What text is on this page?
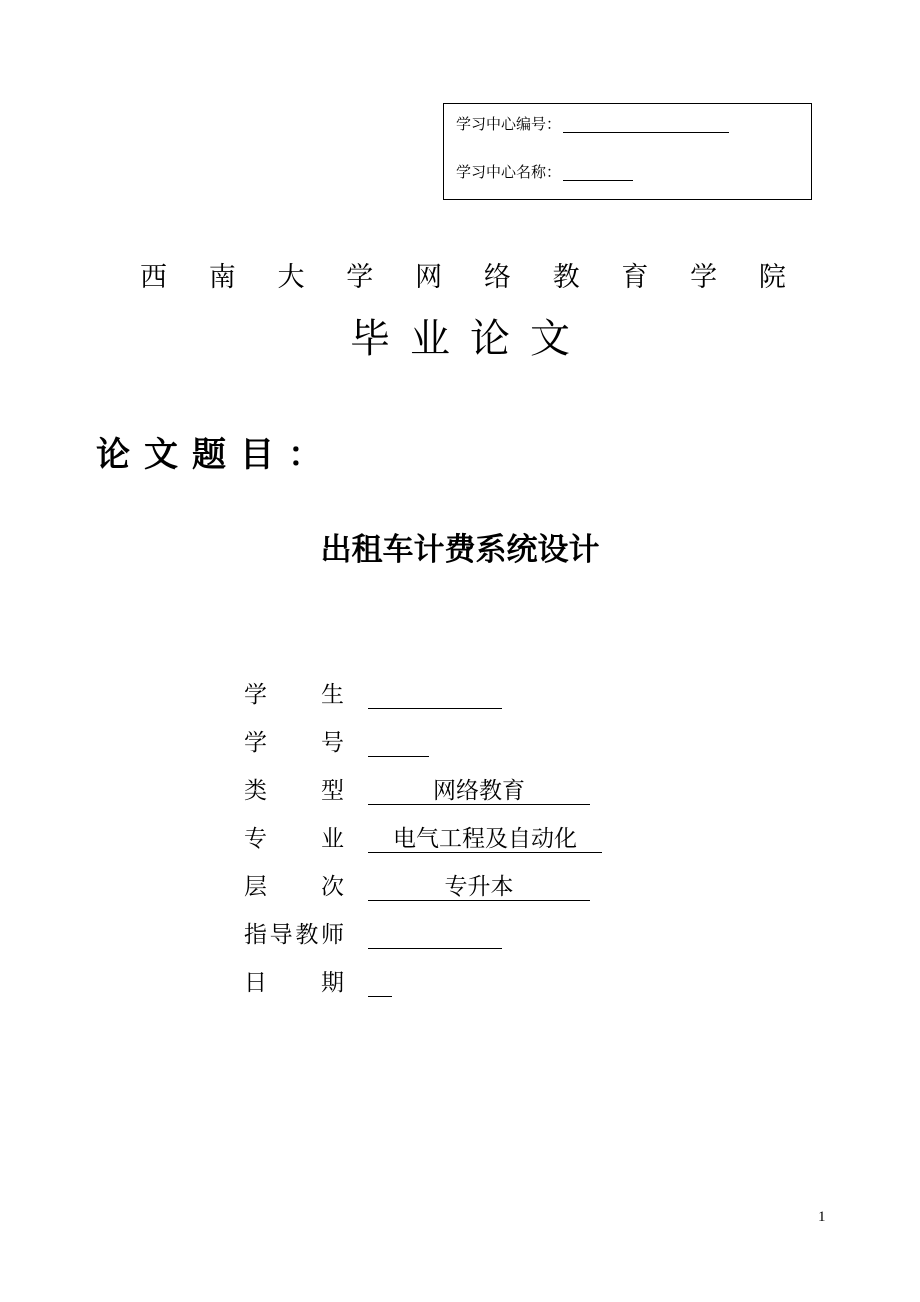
学习中心编号：
学习中心名称：
西 南 大 学 网 络 教 育 学 院
毕业论文
论文题目：
出租车计费系统设计
学 生
学 号
类 型	网络教育
专 业	电气工程及自动化
层 次	专升本
指 导 教 师
日 期
1
